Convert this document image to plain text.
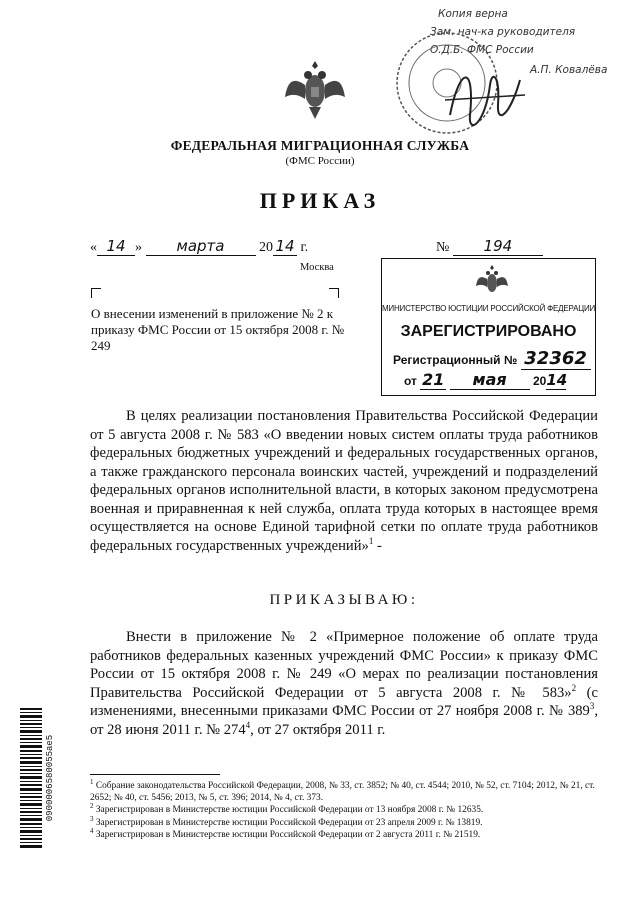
Копия верна
Зам. нач-ка руководителя
О.Д.Б. ФМС России
А.П. Ковалёва
ФЕДЕРАЛЬНАЯ МИГРАЦИОННАЯ СЛУЖБА
(ФМС России)
ПРИКАЗ
« 14 » марта 20 14 г.	№ 194
Москва
О внесении изменений в приложение № 2 к приказу ФМС России от 15 октября 2008 г. № 249
МИНИСТЕРСТВО ЮСТИЦИИ РОССИЙСКОЙ ФЕДЕРАЦИИ
ЗАРЕГИСТРИРОВАНО
Регистрационный № 32362
от 21 мая 2014
В целях реализации постановления Правительства Российской Федерации от 5 августа 2008 г. № 583 «О введении новых систем оплаты труда работников федеральных бюджетных учреждений и федеральных государственных органов, а также гражданского персонала воинских частей, учреждений и подразделений федеральных органов исполнительной власти, в которых законом предусмотрена военная и приравненная к ней служба, оплата труда которых в настоящее время осуществляется на основе Единой тарифной сетки по оплате труда работников федеральных государственных учреждений»$^1$ -
ПРИКАЗЫВАЮ:
Внести в приложение № 2 «Примерное положение об оплате труда работников федеральных казенных учреждений ФМС России» к приказу ФМС России от 15 октября 2008 г. № 249 «О мерах по реализации постановления Правительства Российской Федерации от 5 августа 2008 г. № 583»$^2$ (с изменениями, внесенными приказами ФМС России от 27 ноября 2008 г. № $389^3$, от 28 июня 2011 г. № $274^4$, от 27 октября 2011 г.

$^1$ Собрание законодательства Российской Федерации, 2008, № 33, ст. 3852; № 40, ст. 4544; 2010, № 52, ст. 7104; 2012, № 21, ст. 2652; № 40, ст. 5456; 2013, № 5, ст. 396; 2014, № 4, ст. 373.

$^2$ Зарегистрирован в Министерстве юстиции Российской Федерации от 13 ноября 2008 г. № 12635.

$^3$ Зарегистрирован в Министерстве юстиции Российской Федерации от 23 апреля 2009 г. № 13819.

$^4$ Зарегистрирован в Министерстве юстиции Российской Федерации от 2 августа 2011 г. № 21519.

0900006580055ae5
